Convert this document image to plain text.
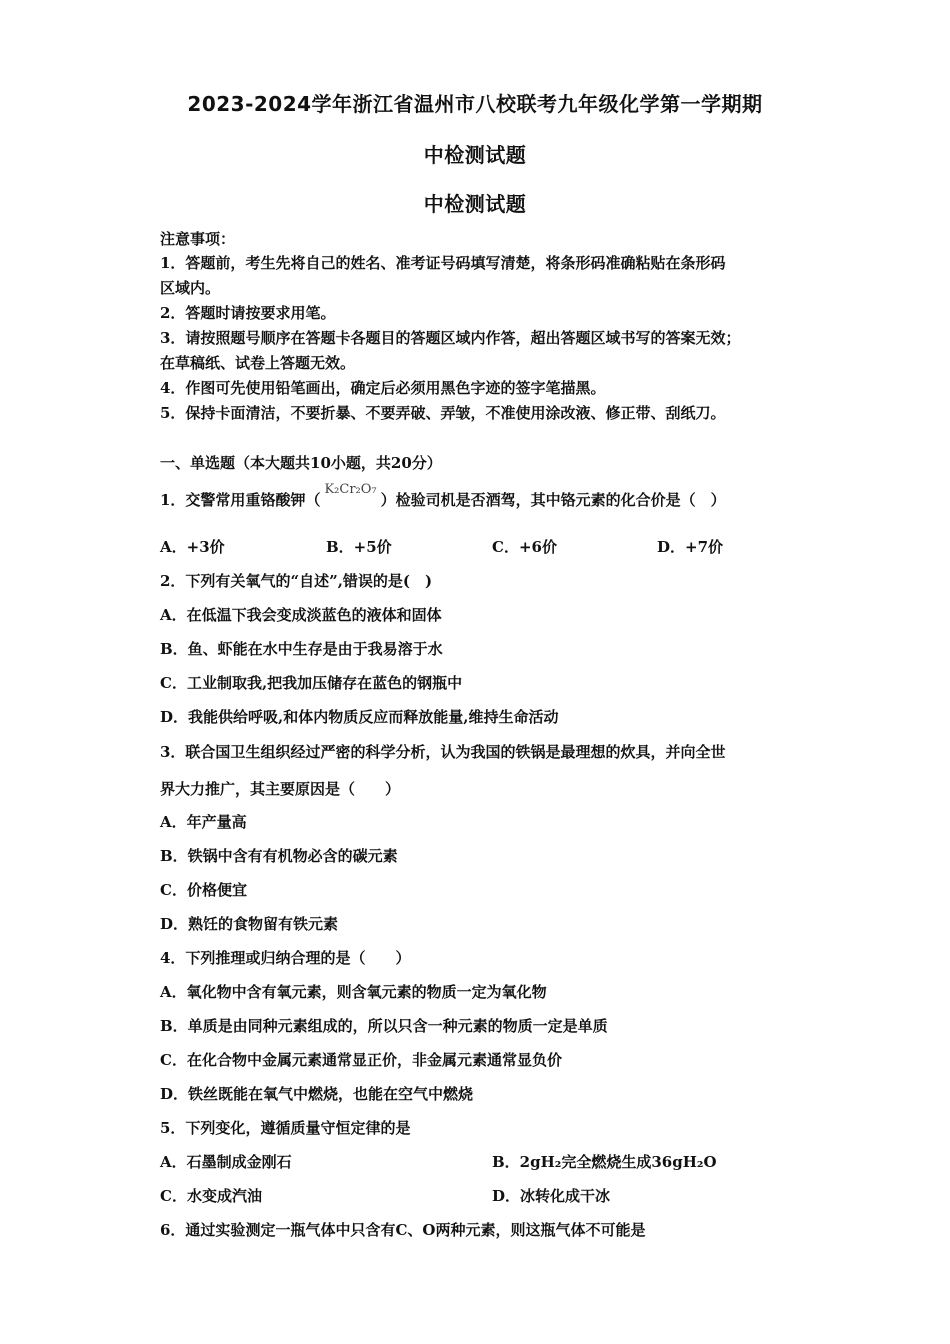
2023-2024学年浙江省温州市八校联考九年级化学第一学期期
中检测试题
中检测试题
注意事项：
1．答题前，考生先将自己的姓名、准考证号码填写清楚，将条形码准确粘贴在条形码
区域内。
2．答题时请按要求用笔。
3．请按照题号顺序在答题卡各题目的答题区域内作答，超出答题区域书写的答案无效；
在草稿纸、试卷上答题无效。
4．作图可先使用铅笔画出，确定后必须用黑色字迹的签字笔描黑。
5．保持卡面清洁，不要折暴、不要弄破、弄皱，不准使用涂改液、修正带、刮纸刀。
一、单选题（本大题共10小题，共20分）
1．交警常用重铬酸钾（K₂Cr₂O₇）检验司机是否酒驾，其中铬元素的化合价是（　）
A．+3价	B．+5价	C．+6价	D．+7价
2．下列有关氧气的“自述”,错误的是(　)
A．在低温下我会变成淡蓝色的液体和固体
B．鱼、虾能在水中生存是由于我易溶于水
C．工业制取我,把我加压储存在蓝色的钢瓶中
D．我能供给呼吸,和体内物质反应而释放能量,维持生命活动
3．联合国卫生组织经过严密的科学分析，认为我国的铁锅是最理想的炊具，并向全世
界大力推广，其主要原因是（　　）
A．年产量高
B．铁锅中含有有机物必含的碳元素
C．价格便宜
D．熟饪的食物留有铁元素
4．下列推理或归纳合理的是（　　）
A．氧化物中含有氧元素，则含氧元素的物质一定为氧化物
B．单质是由同种元素组成的，所以只含一种元素的物质一定是单质
C．在化合物中金属元素通常显正价，非金属元素通常显负价
D．铁丝既能在氧气中燃烧，也能在空气中燃烧
5．下列变化，遵循质量守恒定律的是
A．石墨制成金刚石	B．2gH₂完全燃烧生成36gH₂O
C．水变成汽油	D．冰转化成干冰
6．通过实验测定一瓶气体中只含有C、O两种元素，则这瓶气体不可能是
